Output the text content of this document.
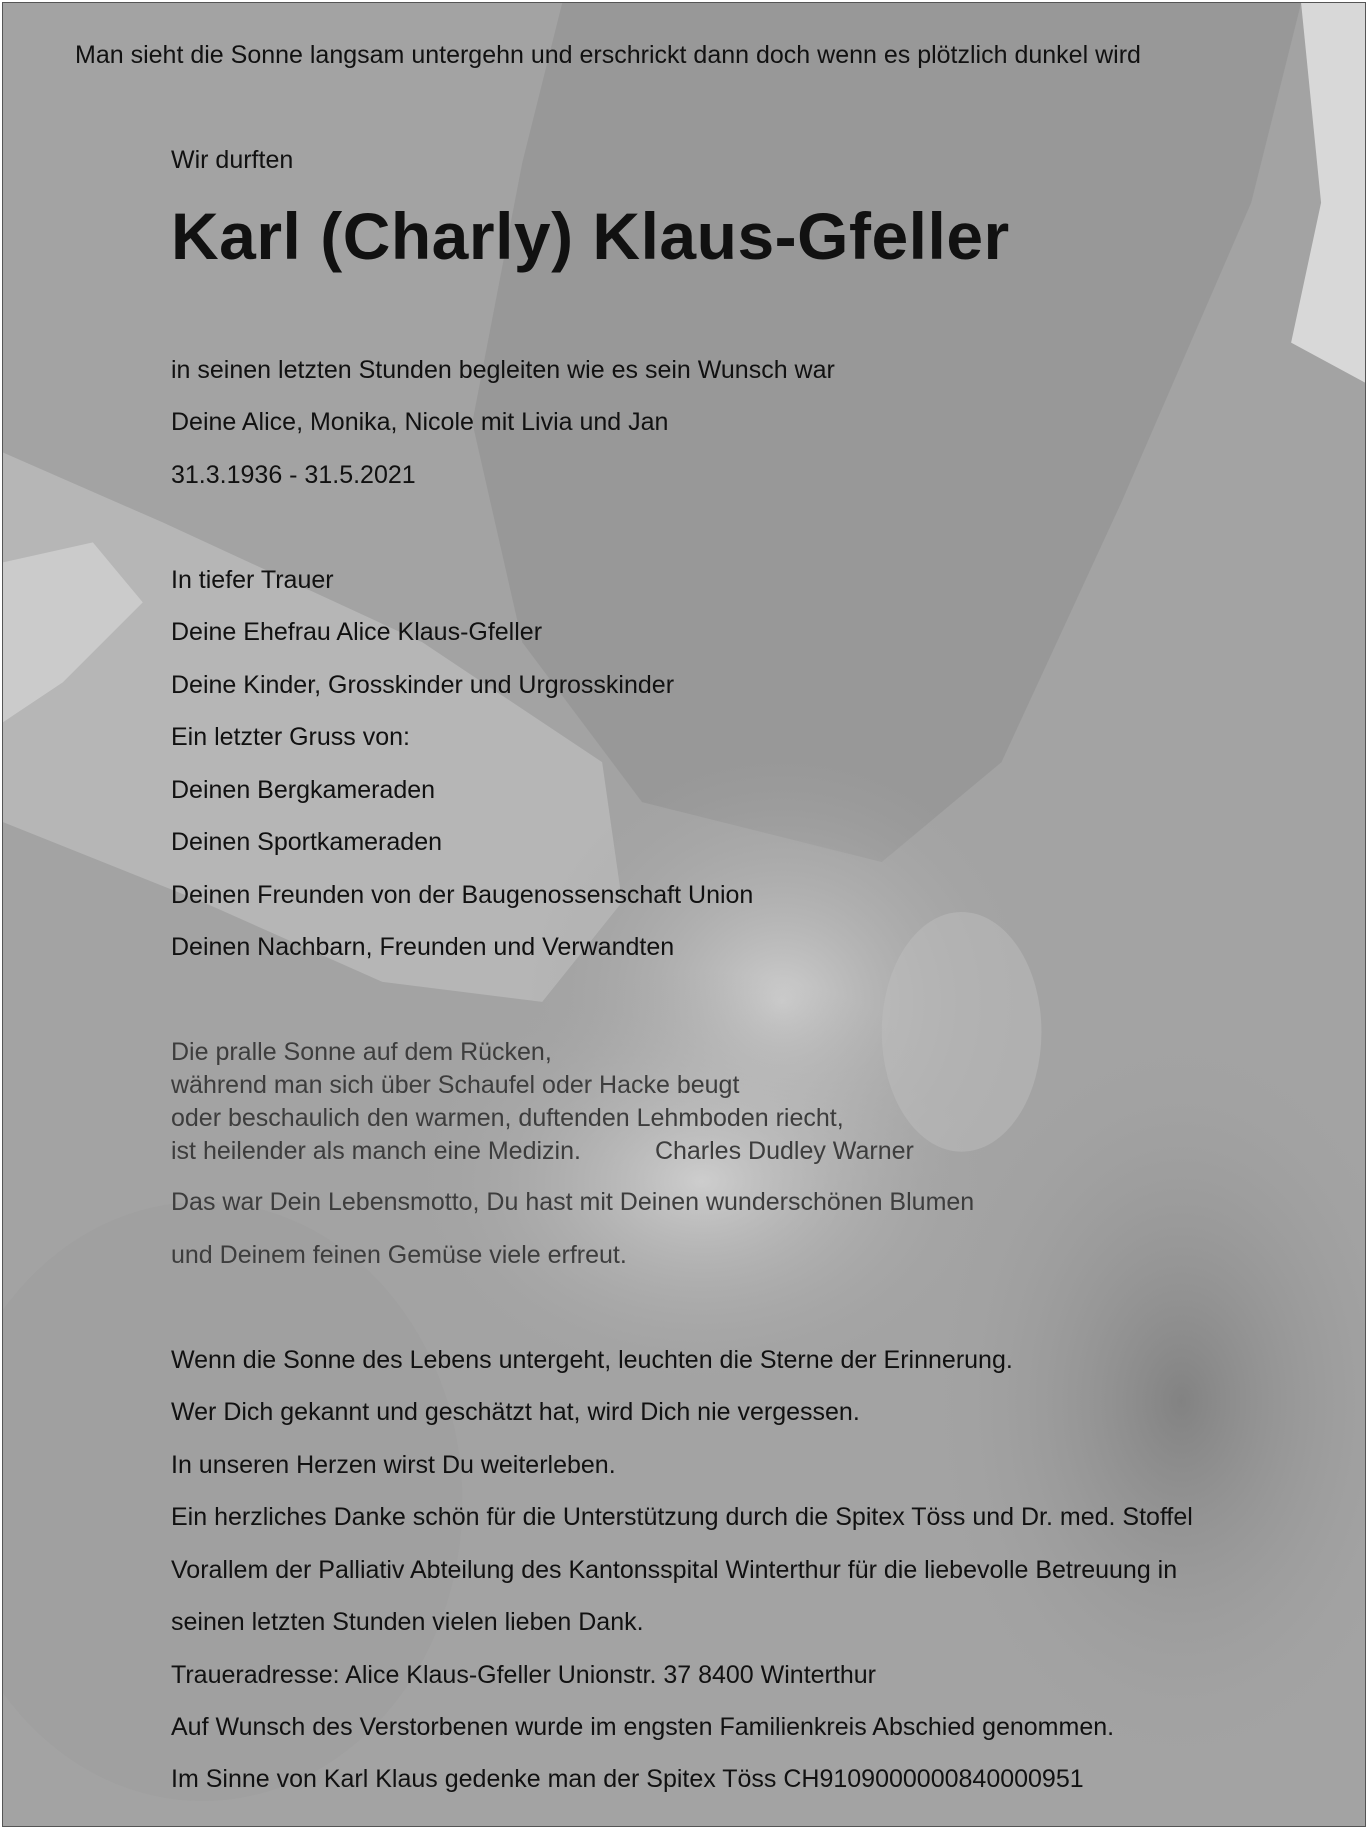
Man sieht die Sonne langsam untergehn und erschrickt dann doch wenn es plötzlich dunkel wird

Wir durften

Karl (Charly) Klaus-Gfeller

in seinen letzten Stunden begleiten wie es sein Wunsch war

Deine Alice, Monika, Nicole mit Livia und Jan

31.3.1936 - 31.5.2021

In tiefer Trauer

Deine Ehefrau Alice Klaus-Gfeller

Deine Kinder, Grosskinder und Urgrosskinder

Ein letzter Gruss von:

Deinen Bergkameraden

Deinen Sportkameraden

Deinen Freunden von der Baugenossenschaft Union

Deinen Nachbarn, Freunden und Verwandten

Die pralle Sonne auf dem Rücken,
während man sich über Schaufel oder Hacke beugt
oder beschaulich den warmen, duftenden Lehmboden riecht,
ist heilender als manch eine Medizin.	Charles Dudley Warner

Das war Dein Lebensmotto, Du hast mit Deinen wunderschönen Blumen

und Deinem feinen Gemüse viele erfreut.

Wenn die Sonne des Lebens untergeht, leuchten die Sterne der Erinnerung.

Wer Dich gekannt und geschätzt hat, wird Dich nie vergessen.

In unseren Herzen wirst Du weiterleben.

Ein herzliches Danke schön für die Unterstützung durch die Spitex Töss und Dr. med. Stoffel

Vorallem der Palliativ Abteilung des Kantonsspital Winterthur für die liebevolle Betreuung in

seinen letzten Stunden vielen lieben Dank.

Traueradresse: Alice Klaus-Gfeller Unionstr. 37 8400 Winterthur

Auf Wunsch des Verstorbenen wurde im engsten Familienkreis Abschied genommen.

Im Sinne von Karl Klaus gedenke man der Spitex Töss CH9109000000840000951
